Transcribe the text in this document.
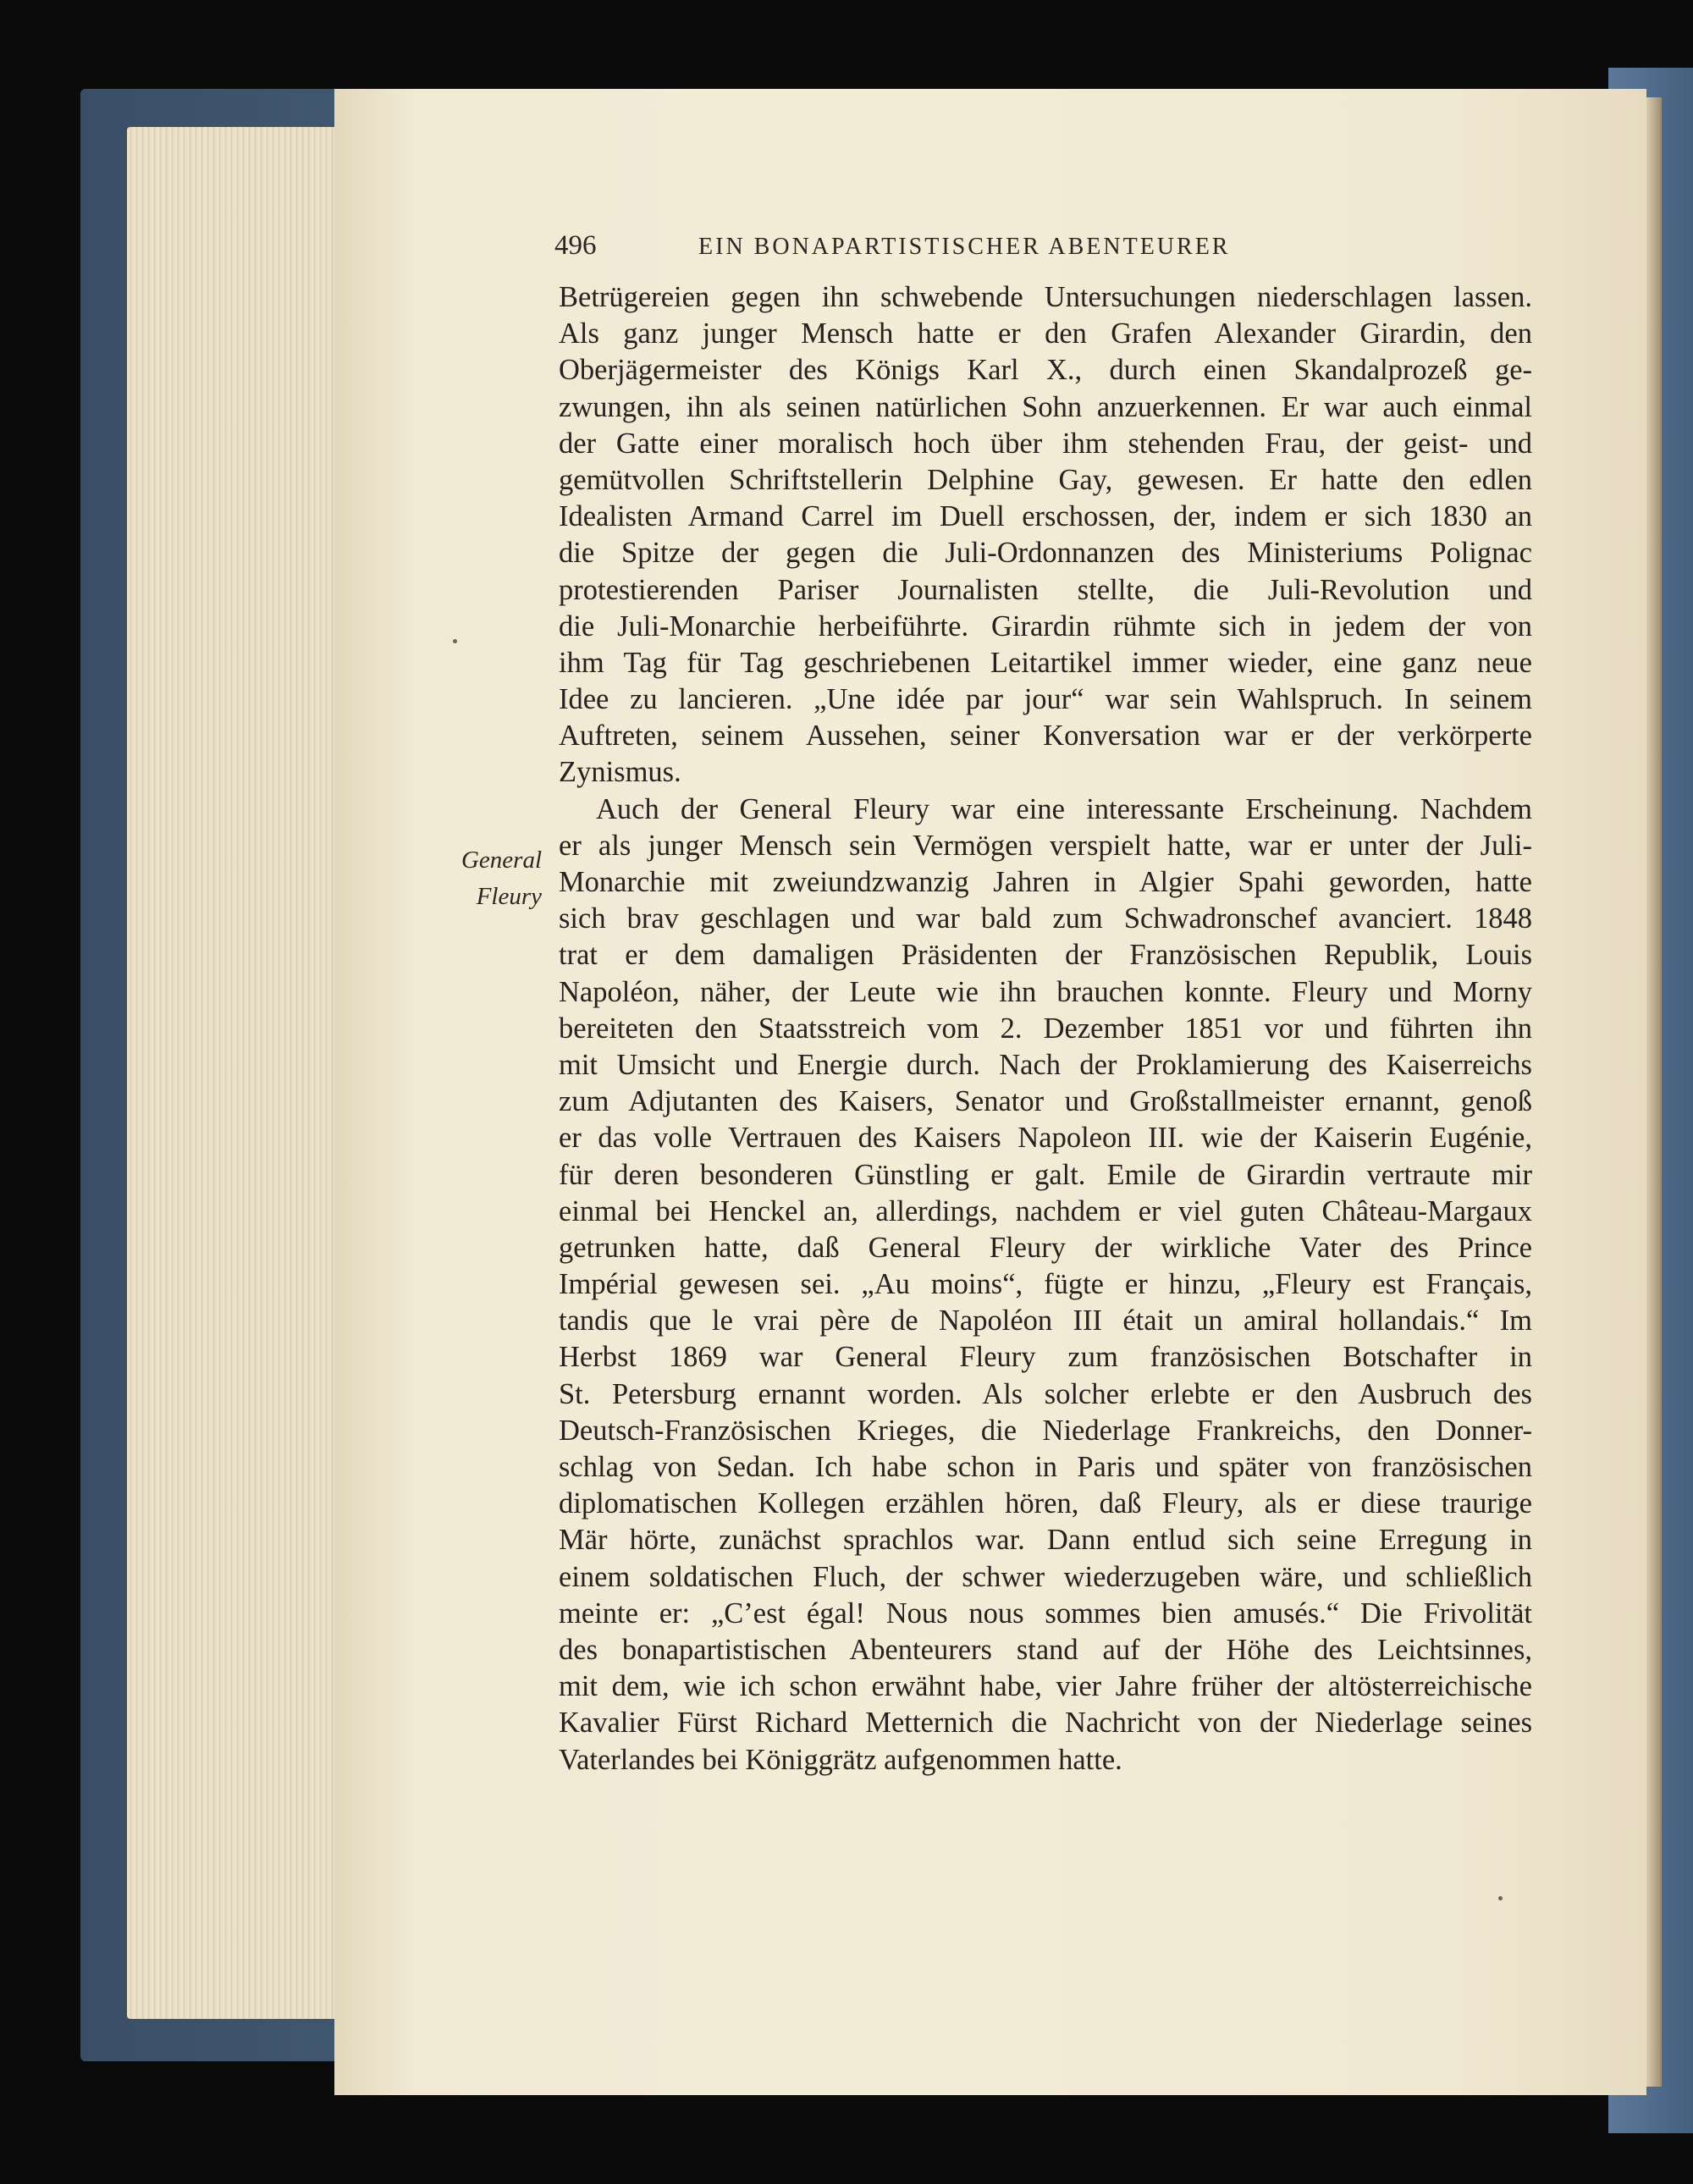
496	EIN BONAPARTISTISCHER ABENTEURER
General
Fleury
Betrügereien gegen ihn schwebende Untersuchungen niederschlagen lassen.
Als ganz junger Mensch hatte er den Grafen Alexander Girardin, den
Oberjägermeister des Königs Karl X., durch einen Skandalprozeß ge-
zwungen, ihn als seinen natürlichen Sohn anzuerkennen. Er war auch einmal
der Gatte einer moralisch hoch über ihm stehenden Frau, der geist- und
gemütvollen Schriftstellerin Delphine Gay, gewesen. Er hatte den edlen
Idealisten Armand Carrel im Duell erschossen, der, indem er sich 1830 an
die Spitze der gegen die Juli-Ordonnanzen des Ministeriums Polignac
protestierenden Pariser Journalisten stellte, die Juli-Revolution und
die Juli-Monarchie herbeiführte. Girardin rühmte sich in jedem der von
ihm Tag für Tag geschriebenen Leitartikel immer wieder, eine ganz neue
Idee zu lancieren. „Une idée par jour“ war sein Wahlspruch. In seinem
Auftreten, seinem Aussehen, seiner Konversation war er der verkörperte
Zynismus.
Auch der General Fleury war eine interessante Erscheinung. Nachdem
er als junger Mensch sein Vermögen verspielt hatte, war er unter der Juli-
Monarchie mit zweiundzwanzig Jahren in Algier Spahi geworden, hatte
sich brav geschlagen und war bald zum Schwadronschef avanciert. 1848
trat er dem damaligen Präsidenten der Französischen Republik, Louis
Napoléon, näher, der Leute wie ihn brauchen konnte. Fleury und Morny
bereiteten den Staatsstreich vom 2. Dezember 1851 vor und führten ihn
mit Umsicht und Energie durch. Nach der Proklamierung des Kaiserreichs
zum Adjutanten des Kaisers, Senator und Großstallmeister ernannt, genoß
er das volle Vertrauen des Kaisers Napoleon III. wie der Kaiserin Eugénie,
für deren besonderen Günstling er galt. Emile de Girardin vertraute mir
einmal bei Henckel an, allerdings, nachdem er viel guten Château-Margaux
getrunken hatte, daß General Fleury der wirkliche Vater des Prince
Impérial gewesen sei. „Au moins“, fügte er hinzu, „Fleury est Français,
tandis que le vrai père de Napoléon III était un amiral hollandais.“ Im
Herbst 1869 war General Fleury zum französischen Botschafter in
St. Petersburg ernannt worden. Als solcher erlebte er den Ausbruch des
Deutsch-Französischen Krieges, die Niederlage Frankreichs, den Donner-
schlag von Sedan. Ich habe schon in Paris und später von französischen
diplomatischen Kollegen erzählen hören, daß Fleury, als er diese traurige
Mär hörte, zunächst sprachlos war. Dann entlud sich seine Erregung in
einem soldatischen Fluch, der schwer wiederzugeben wäre, und schließlich
meinte er: „C’est égal! Nous nous sommes bien amusés.“ Die Frivolität
des bonapartistischen Abenteurers stand auf der Höhe des Leichtsinnes,
mit dem, wie ich schon erwähnt habe, vier Jahre früher der altösterreichische
Kavalier Fürst Richard Metternich die Nachricht von der Niederlage seines
Vaterlandes bei Königgrätz aufgenommen hatte.
